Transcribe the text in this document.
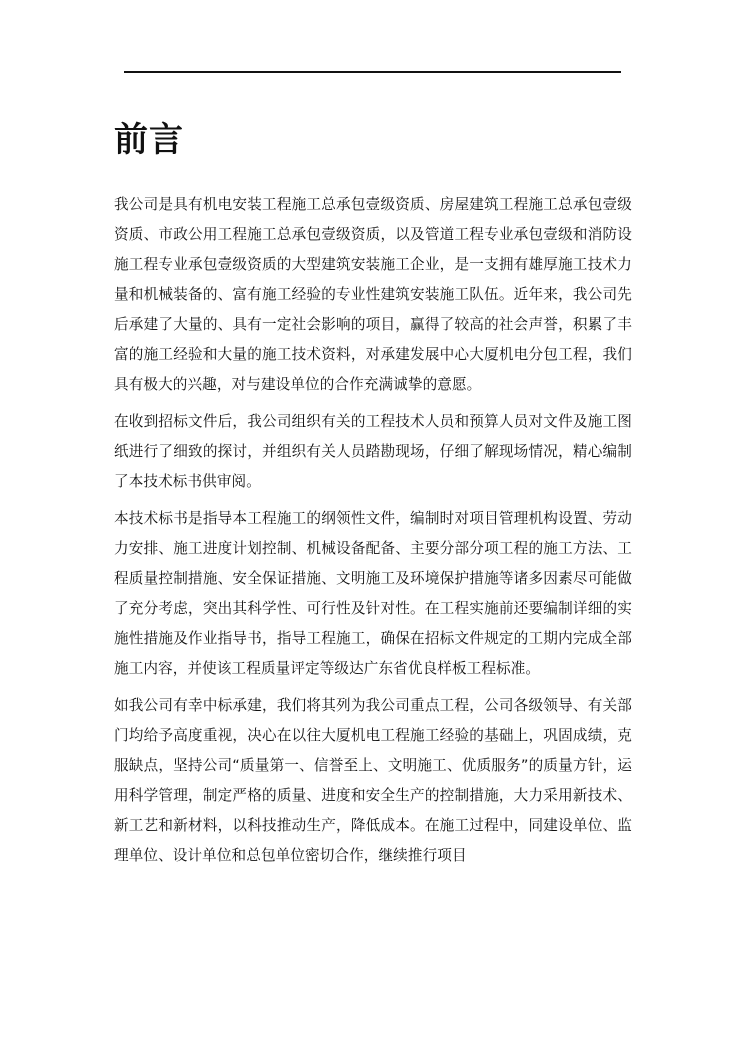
前言

我公司是具有机电安装工程施工总承包壹级资质、房屋建筑工程施工总承包壹级资质、市政公用工程施工总承包壹级资质，以及管道工程专业承包壹级和消防设施工程专业承包壹级资质的大型建筑安装施工企业，是一支拥有雄厚施工技术力量和机械装备的、富有施工经验的专业性建筑安装施工队伍。近年来，我公司先后承建了大量的、具有一定社会影响的项目，赢得了较高的社会声誉，积累了丰富的施工经验和大量的施工技术资料，对承建发展中心大厦机电分包工程，我们具有极大的兴趣，对与建设单位的合作充满诚挚的意愿。

在收到招标文件后，我公司组织有关的工程技术人员和预算人员对文件及施工图纸进行了细致的探讨，并组织有关人员踏勘现场，仔细了解现场情况，精心编制了本技术标书供审阅。

本技术标书是指导本工程施工的纲领性文件，编制时对项目管理机构设置、劳动力安排、施工进度计划控制、机械设备配备、主要分部分项工程的施工方法、工程质量控制措施、安全保证措施、文明施工及环境保护措施等诸多因素尽可能做了充分考虑，突出其科学性、可行性及针对性。在工程实施前还要编制详细的实施性措施及作业指导书，指导工程施工，确保在招标文件规定的工期内完成全部施工内容，并使该工程质量评定等级达广东省优良样板工程标准。

如我公司有幸中标承建，我们将其列为我公司重点工程，公司各级领导、有关部门均给予高度重视，决心在以往大厦机电工程施工经验的基础上，巩固成绩，克服缺点，坚持公司“质量第一、信誉至上、文明施工、优质服务”的质量方针，运用科学管理，制定严格的质量、进度和安全生产的控制措施，大力采用新技术、新工艺和新材料，以科技推动生产，降低成本。在施工过程中，同建设单位、监理单位、设计单位和总包单位密切合作，继续推行项目
